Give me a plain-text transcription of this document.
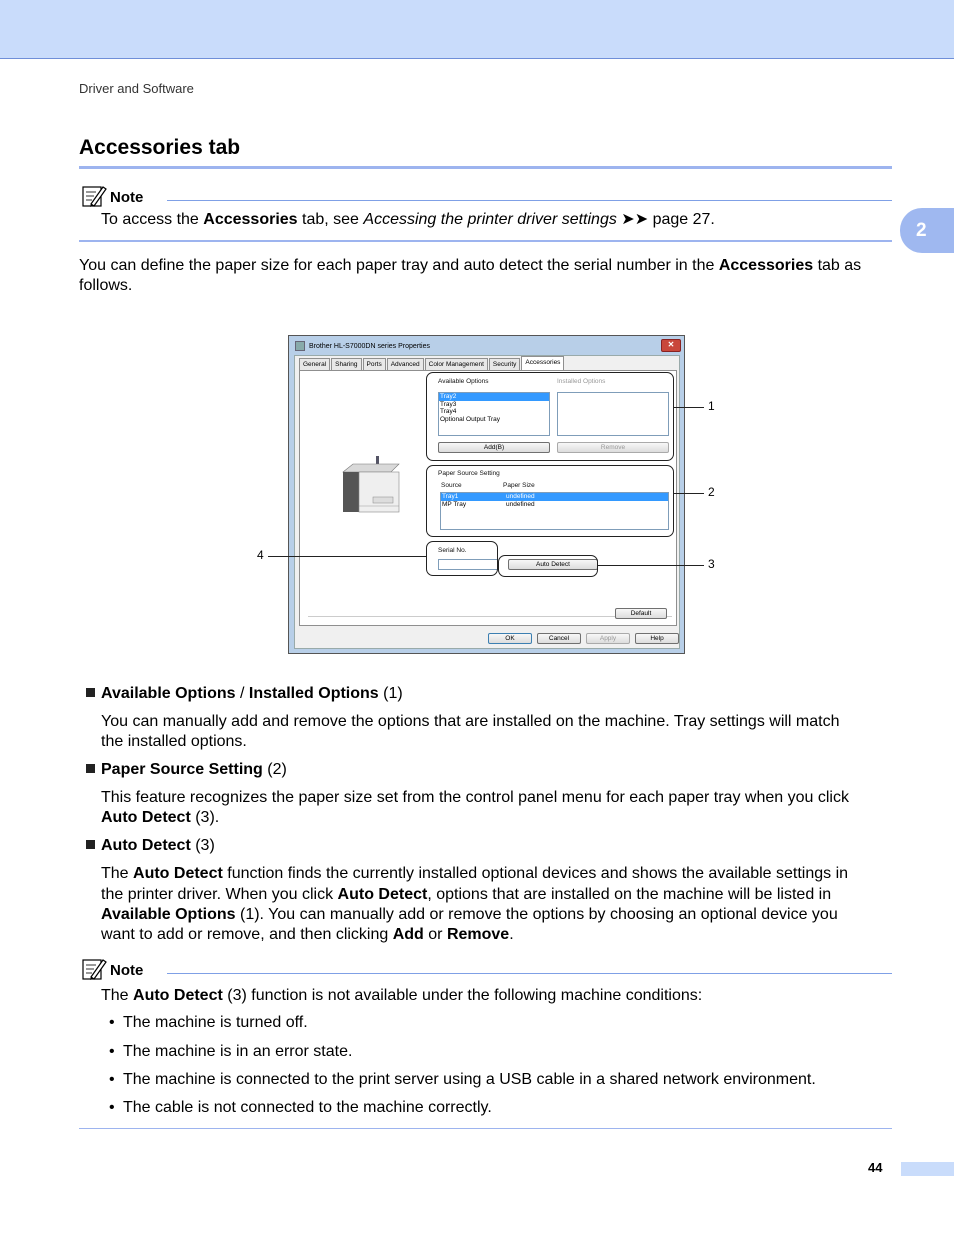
Driver and Software
2
Accessories tab
Note
To access the Accessories tab, see Accessing the printer driver settings ➤➤ page 27.

You can define the paper size for each paper tray and auto detect the serial number in the Accessories tab as follows.

Brother HL-S7000DN series Properties	✕
General	Sharing	Ports	Advanced	Color Management	Security	Accessories
Available Options	Installed Options
Tray2
Tray3
Tray4
Optional Output Tray
Add(B)	Remove
Paper Source Setting
Source	Paper Size
Tray1	undefined
MP Tray	undefined
Serial No.
Auto Detect
Default
OK	Cancel	Apply	Help
1
2
3
4
Available Options / Installed Options (1)

You can manually add and remove the options that are installed on the machine. Tray settings will match

the installed options.

Paper Source Setting (2)

This feature recognizes the paper size set from the control panel menu for each paper tray when you click

Auto Detect (3).

Auto Detect (3)

The Auto Detect function finds the currently installed optional devices and shows the available settings in

the printer driver. When you click Auto Detect, options that are installed on the machine will be listed in

Available Options (1). You can manually add or remove the options by choosing an optional device you

want to add or remove, and then clicking Add or Remove.

Note

The Auto Detect (3) function is not available under the following machine conditions:

• The machine is turned off.
• The machine is in an error state.
• The machine is connected to the print server using a USB cable in a shared network environment.
• The cable is not connected to the machine correctly.
44
